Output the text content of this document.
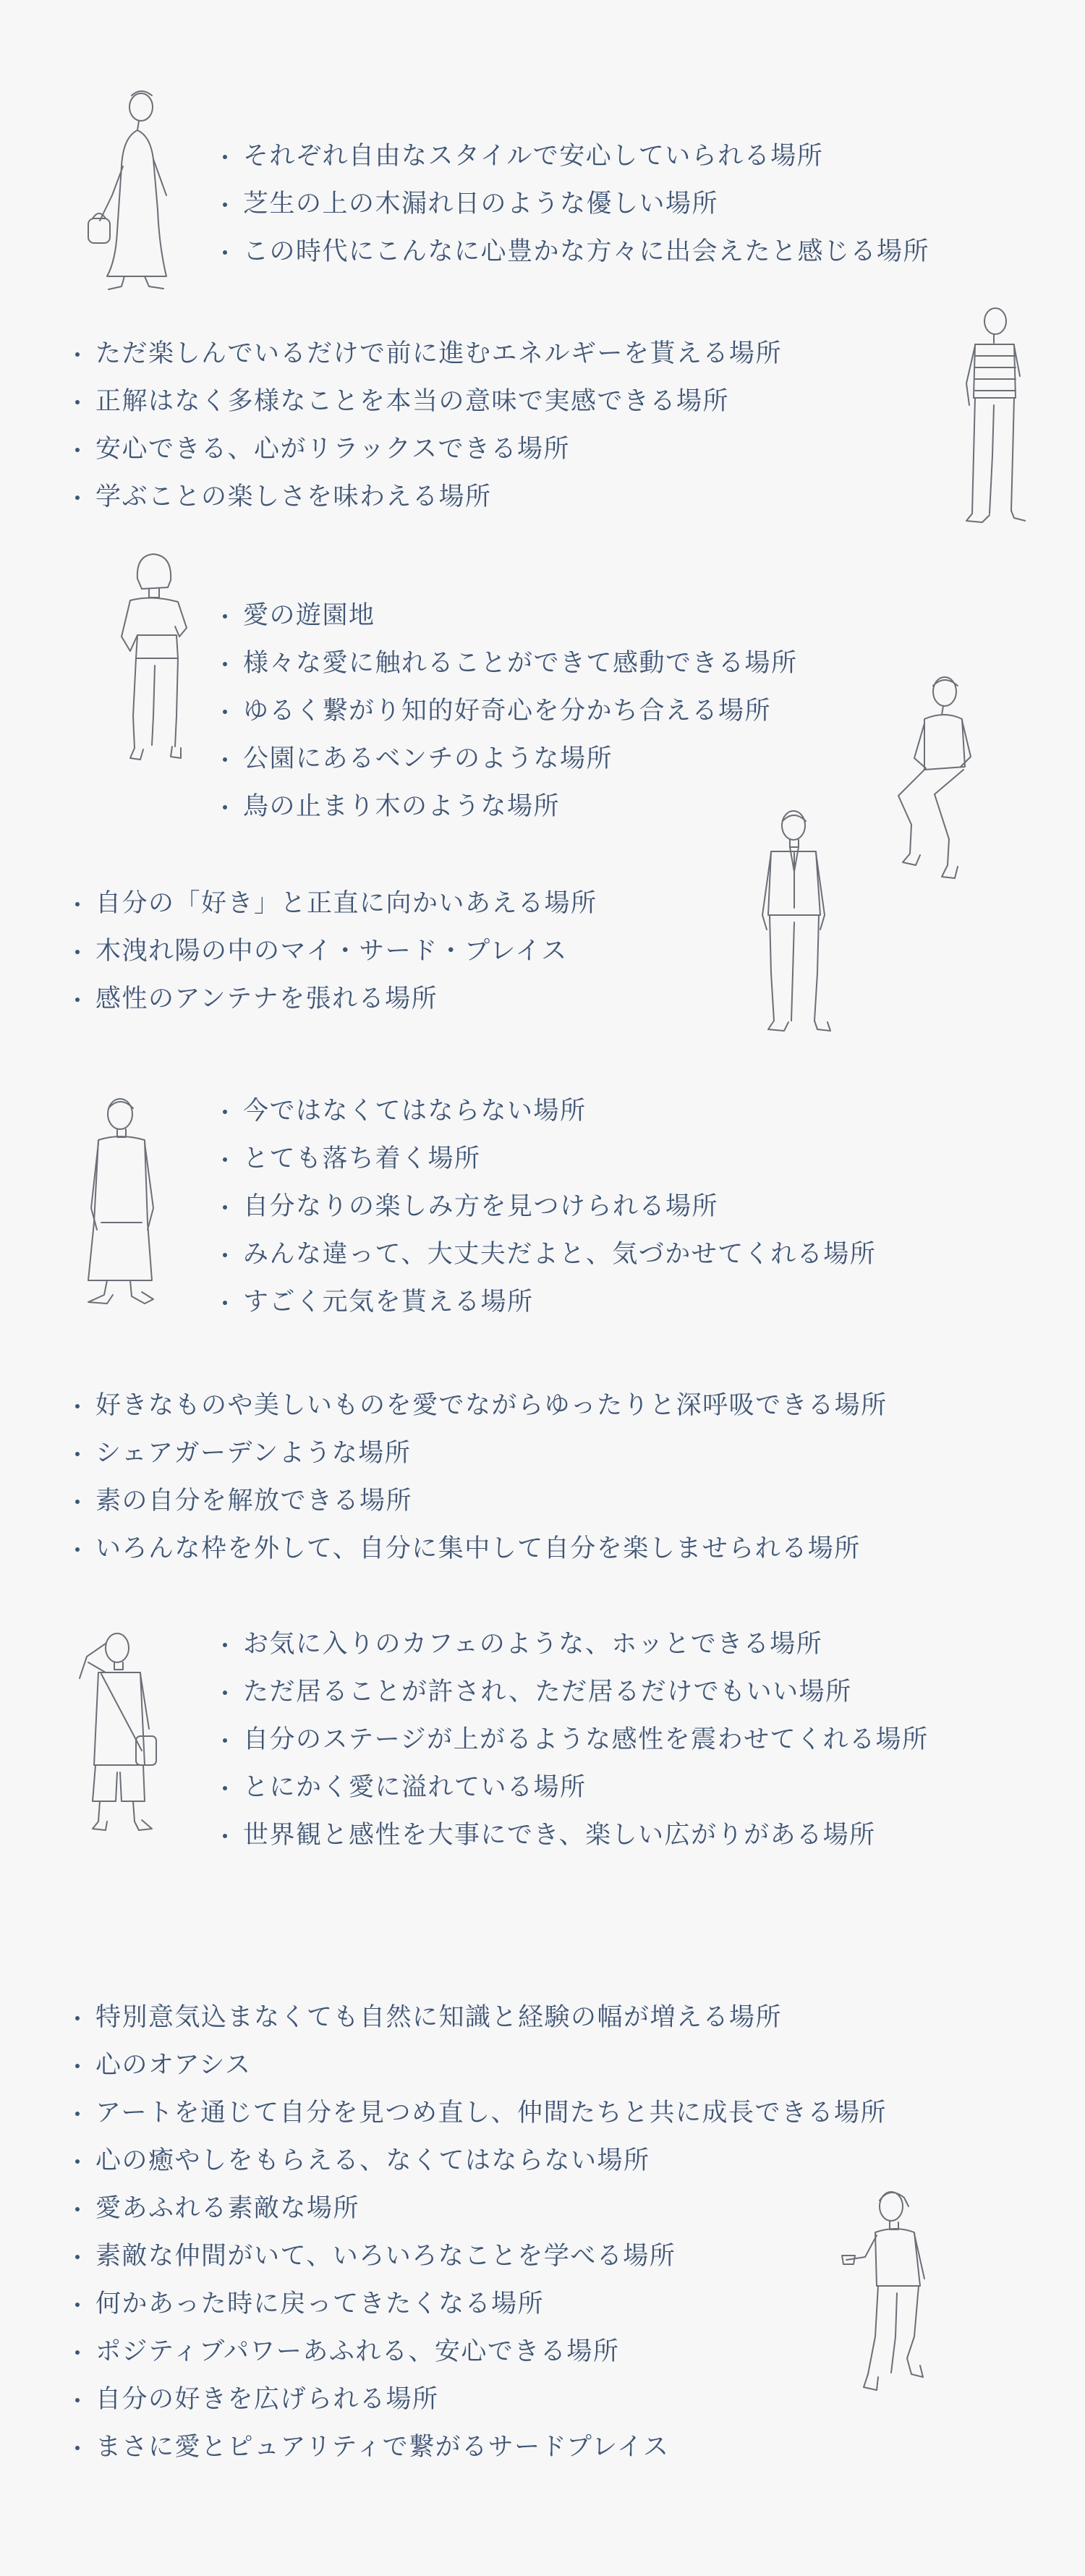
それぞれ自由なスタイルで安心していられる場所
芝生の上の木漏れ日のような優しい場所
この時代にこんなに心豊かな方々に出会えたと感じる場所
ただ楽しんでいるだけで前に進むエネルギーを貰える場所
正解はなく多様なことを本当の意味で実感できる場所
安心できる、心がリラックスできる場所
学ぶことの楽しさを味わえる場所
愛の遊園地
様々な愛に触れることができて感動できる場所
ゆるく繋がり知的好奇心を分かち合える場所
公園にあるベンチのような場所
鳥の止まり木のような場所
自分の「好き」と正直に向かいあえる場所
木洩れ陽の中のマイ・サード・プレイス
感性のアンテナを張れる場所
今ではなくてはならない場所
とても落ち着く場所
自分なりの楽しみ方を見つけられる場所
みんな違って、大丈夫だよと、気づかせてくれる場所
すごく元気を貰える場所
好きなものや美しいものを愛でながらゆったりと深呼吸できる場所
シェアガーデンような場所
素の自分を解放できる場所
いろんな枠を外して、自分に集中して自分を楽しませられる場所
お気に入りのカフェのような、ホッとできる場所
ただ居ることが許され、ただ居るだけでもいい場所
自分のステージが上がるような感性を震わせてくれる場所
とにかく愛に溢れている場所
世界観と感性を大事にでき、楽しい広がりがある場所
特別意気込まなくても自然に知識と経験の幅が増える場所
心のオアシス
アートを通じて自分を見つめ直し、仲間たちと共に成長できる場所
心の癒やしをもらえる、なくてはならない場所
愛あふれる素敵な場所
素敵な仲間がいて、いろいろなことを学べる場所
何かあった時に戻ってきたくなる場所
ポジティブパワーあふれる、安心できる場所
自分の好きを広げられる場所
まさに愛とピュアリティで繋がるサードプレイス
